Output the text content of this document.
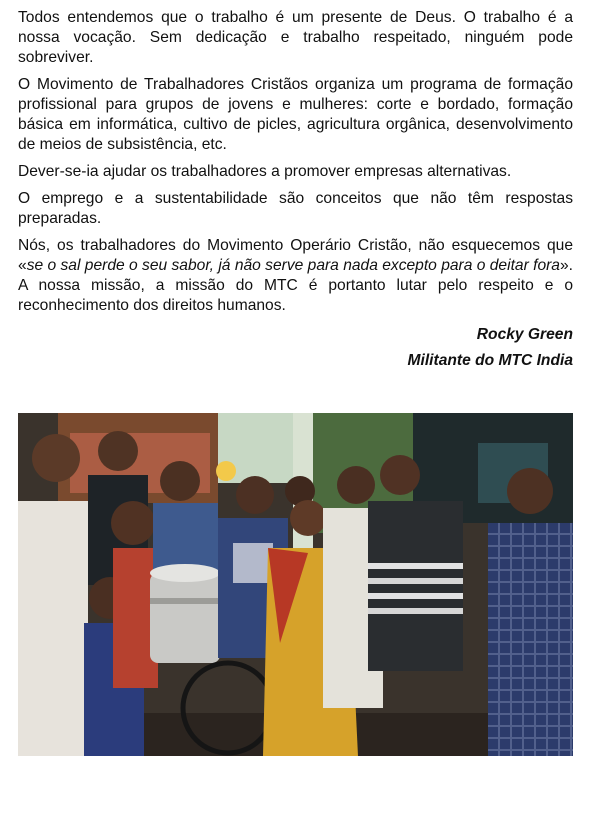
Todos entendemos que o trabalho é um presente de Deus. O trabalho é a nossa vocação. Sem dedicação e trabalho respeitado, ninguém pode sobreviver.

O Movimento de Trabalhadores Cristãos organiza um programa de formação profissional para grupos de jovens e mulheres: corte e bordado, formação básica em informática, cultivo de picles, agricultura orgânica, desenvolvimento de meios de subsistência, etc.

Dever-se-ia ajudar os trabalhadores a promover empresas alternativas.

O emprego e a sustentabilidade são conceitos que não têm respostas preparadas.

Nós, os trabalhadores do Movimento Operário Cristão, não esquecemos que «se o sal perde o seu sabor, já não serve para nada excepto para o deitar fora». A nossa missão, a missão do MTC é portanto lutar pelo respeito e o reconhecimento dos direitos humanos.

Rocky Green

Militante do MTC India
